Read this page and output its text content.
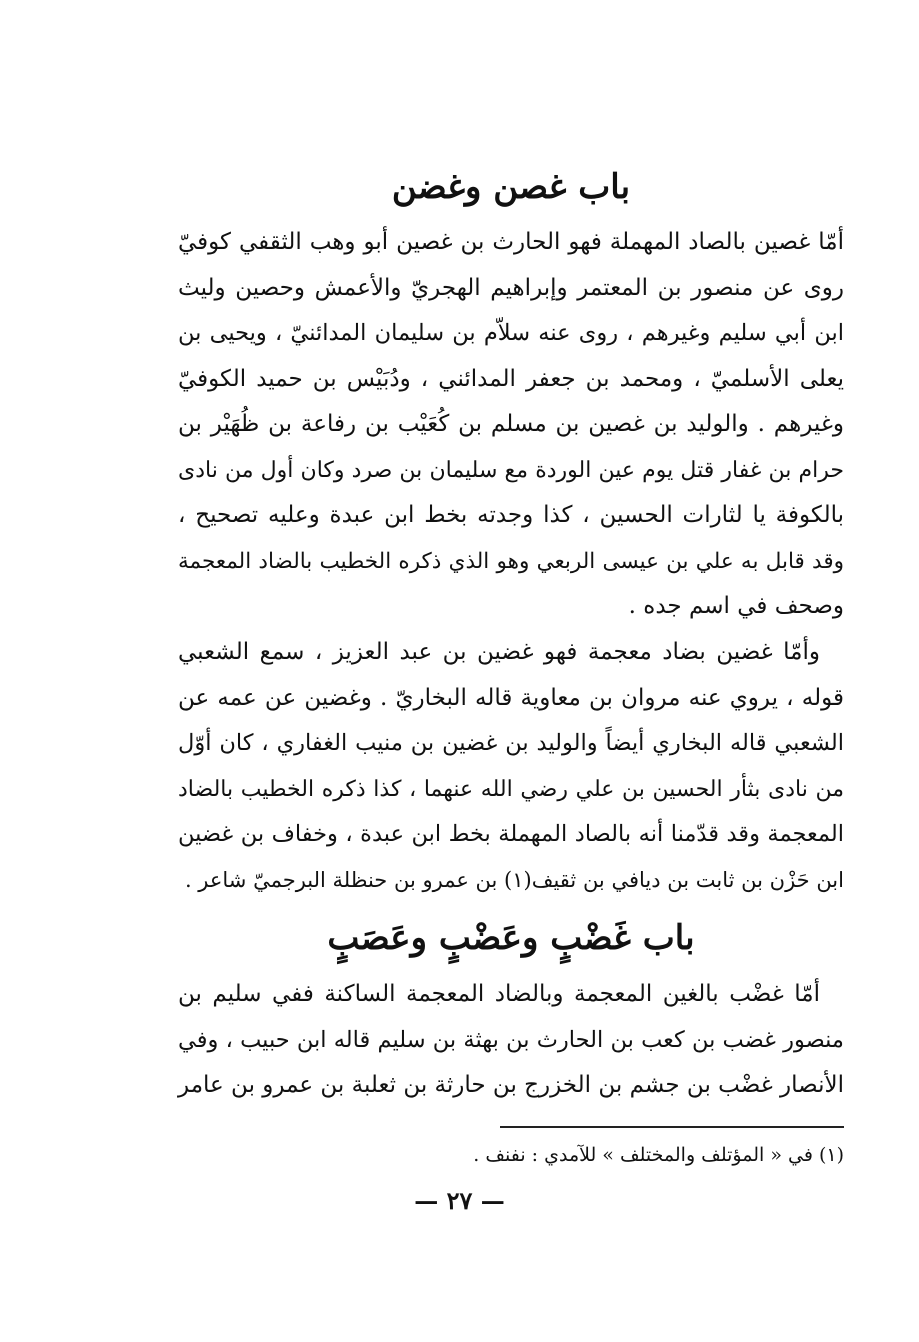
باب غصن وغضن
أمّا غصين بالصاد المهملة فهو الحارث بن غصين أبو وهب الثقفي كوفيّ
روى عن منصور بن المعتمر وإبراهيم الهجريّ والأعمش وحصين وليث
ابن أبي سليم وغيرهم ، روى عنه سلاّم بن سليمان المدائنيّ ، ويحيى بن
يعلى الأسلميّ ، ومحمد بن جعفر المدائني ، ودُبَيْس بن حميد الكوفيّ
وغيرهم . والوليد بن غصين بن مسلم بن كُعَيْب بن رفاعة بن ظُهَيْر بن
حرام بن غفار قتل يوم عين الوردة مع سليمان بن صرد وكان أول من نادى
بالكوفة يا لثارات الحسين ، كذا وجدته بخط ابن عبدة وعليه تصحيح ،
وقد قابل به علي بن عيسى الربعي وهو الذي ذكره الخطيب بالضاد المعجمة
وصحف في اسم جده .
وأمّا غضين بضاد معجمة فهو غضين بن عبد العزيز ، سمع الشعبي
قوله ، يروي عنه مروان بن معاوية قاله البخاريّ . وغضين عن عمه عن
الشعبي قاله البخاري أيضاً والوليد بن غضين بن منيب الغفاري ، كان أوّل
من نادى بثأر الحسين بن علي رضي الله عنهما ، كذا ذكره الخطيب بالضاد
المعجمة وقد قدّمنا أنه بالصاد المهملة بخط ابن عبدة ، وخفاف بن غضين
ابن حَزْن بن ثابت بن ديافي بن ثقيف(١) بن عمرو بن حنظلة البرجميّ شاعر .
باب غَضْبٍ وعَضْبٍ وعَصَبٍ
أمّا غضْب بالغين المعجمة وبالضاد المعجمة الساكنة ففي سليم بن
منصور غضب بن كعب بن الحارث بن بهثة بن سليم قاله ابن حبيب ، وفي
الأنصار غضْب بن جشم بن الخزرج بن حارثة بن ثعلبة بن عمرو بن عامر
(١) في « المؤتلف والمختلف » للآمدي : نفنف .
— ٢٧ —
